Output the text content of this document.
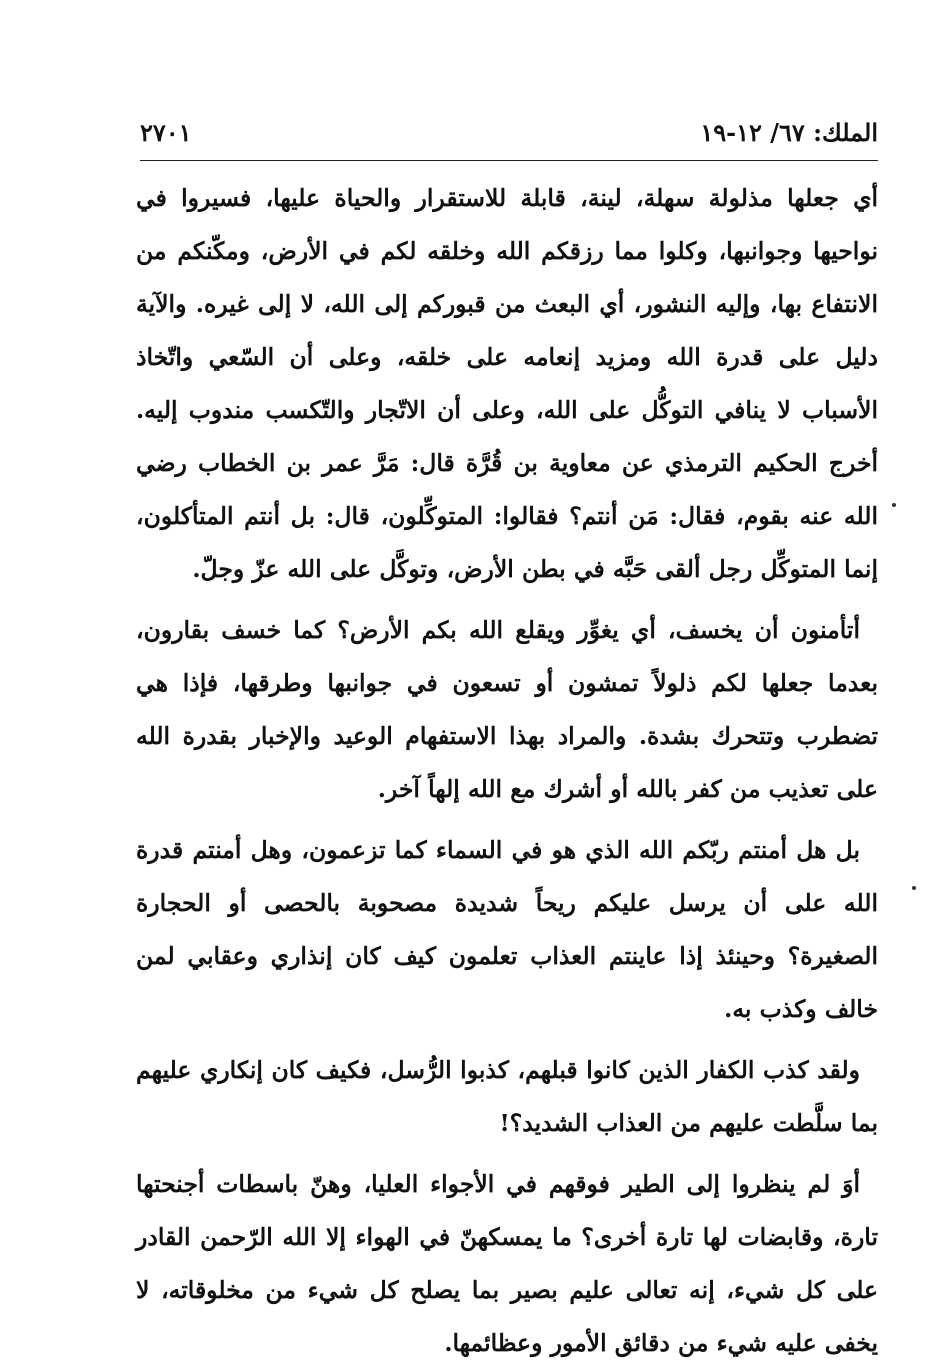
الملك: ٦٧/ ١٢-١٩
٢٧٠١

أي جعلها مذلولة سهلة، لينة، قابلة للاستقرار والحياة عليها، فسيروا في نواحيها وجوانبها، وكلوا مما رزقكم الله وخلقه لكم في الأرض، ومكّنكم من الانتفاع بها، وإليه النشور، أي البعث من قبوركم إلى الله، لا إلى غيره. والآية دليل على قدرة الله ومزيد إنعامه على خلقه، وعلى أن السّعي واتّخاذ الأسباب لا ينافي التوكُّل على الله، وعلى أن الاتّجار والتّكسب مندوب إليه. أخرج الحكيم الترمذي عن معاوية بن قُرَّة قال: مَرَّ عمر بن الخطاب رضي الله عنه بقوم، فقال: مَن أنتم؟ فقالوا: المتوكِّلون، قال: بل أنتم المتأكلون، إنما المتوكِّل رجل ألقى حَبَّه في بطن الأرض، وتوكَّل على الله عزّ وجلّ.

أتأمنون أن يخسف، أي يغوِّر ويقلع الله بكم الأرض؟ كما خسف بقارون، بعدما جعلها لكم ذلولاً تمشون أو تسعون في جوانبها وطرقها، فإذا هي تضطرب وتتحرك بشدة. والمراد بهذا الاستفهام الوعيد والإخبار بقدرة الله على تعذيب من كفر بالله أو أشرك مع الله إلهاً آخر.

بل هل أمنتم ربّكم الله الذي هو في السماء كما تزعمون، وهل أمنتم قدرة الله على أن يرسل عليكم ريحاً شديدة مصحوبة بالحصى أو الحجارة الصغيرة؟ وحينئذ إذا عاينتم العذاب تعلمون كيف كان إنذاري وعقابي لمن خالف وكذب به.

ولقد كذب الكفار الذين كانوا قبلهم، كذبوا الرُّسل، فكيف كان إنكاري عليهم بما سلَّطت عليهم من العذاب الشديد؟!

أوَ لم ينظروا إلى الطير فوقهم في الأجواء العليا، وهنّ باسطات أجنحتها تارة، وقابضات لها تارة أخرى؟ ما يمسكهنّ في الهواء إلا الله الرّحمن القادر على كل شيء، إنه تعالى عليم بصير بما يصلح كل شيء من مخلوقاته، لا يخفى عليه شيء من دقائق الأمور وعظائمها.
